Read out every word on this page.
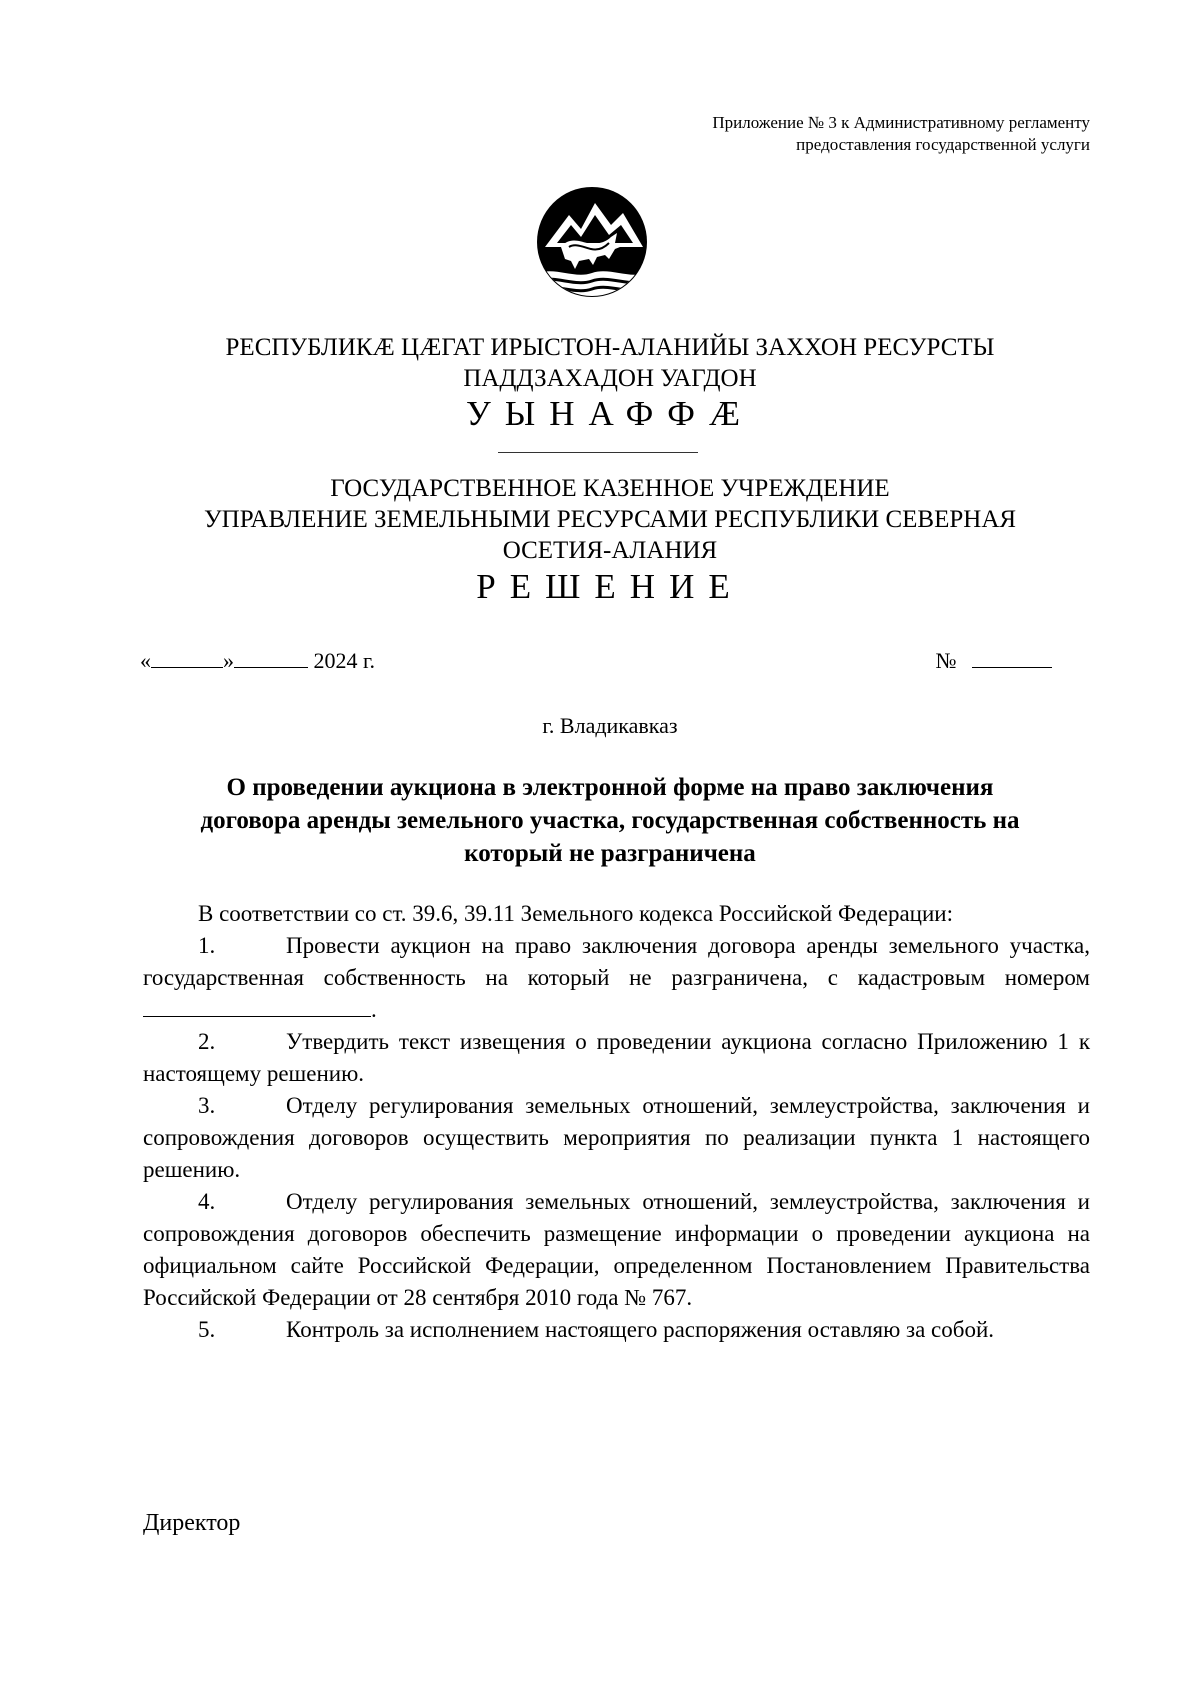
Приложение № 3 к Административному регламенту
предоставления государственной услуги
РЕСПУБЛИКӔ ЦӔГАТ ИРЫСТОН-АЛАНИЙЫ ЗАХХОН РЕСУРСТЫ
ПАДДЗАХАДОН УАГДОН
УЫНАФФӔ
ГОСУДАРСТВЕННОЕ КАЗЕННОЕ УЧРЕЖДЕНИЕ
УПРАВЛЕНИЕ ЗЕМЕЛЬНЫМИ РЕСУРСАМИ РЕСПУБЛИКИ СЕВЕРНАЯ
ОСЕТИЯ-АЛАНИЯ
РЕШЕНИЕ
«	»	2024 г.	№
г. Владикавказ
О проведении аукциона в электронной форме на право заключения
договора аренды земельного участка, государственная собственность на
который не разграничена

В соответствии со ст. 39.6, 39.11 Земельного кодекса Российской Федерации:

1.	Провести аукцион на право заключения договора аренды земельного участка, государственная собственность на который не разграничена, с кадастровым номером .

2.	Утвердить текст извещения о проведении аукциона согласно Приложению 1 к настоящему решению.

3.	Отделу регулирования земельных отношений, землеустройства, заключения и сопровождения договоров осуществить мероприятия по реализации пункта 1 настоящего решению.

4.	Отделу регулирования земельных отношений, землеустройства, заключения и сопровождения договоров обеспечить размещение информации о проведении аукциона на официальном сайте Российской Федерации, определенном Постановлением Правительства Российской Федерации от 28 сентября 2010 года № 767.

5.	Контроль за исполнением настоящего распоряжения оставляю за собой.

Директор
